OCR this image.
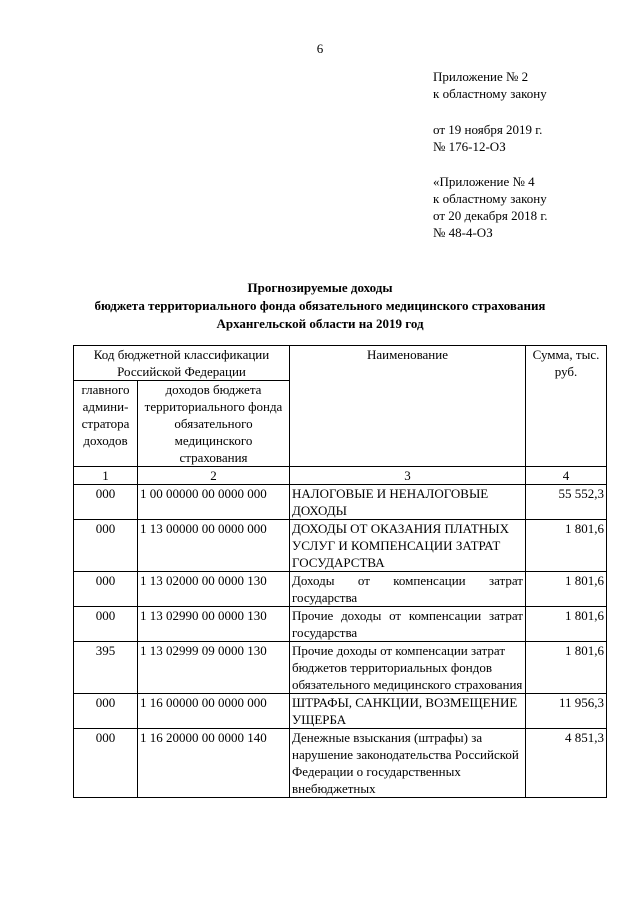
6
Приложение № 2
к областному закону
от 19 ноября 2019 г.
№ 176-12-ОЗ
«Приложение № 4
к областному закону
от 20 декабря 2018 г.
№ 48-4-ОЗ
Прогнозируемые доходы
бюджета территориального фонда обязательного медицинского страхования
Архангельской области на 2019 год
Код бюджетной классификации Российской Федерации		Наименование	Сумма, тыс. руб.
главного админи-стратора доходов	доходов бюджета территориального фонда обязательного медицинского страхования		
1	2	3	4
000	1 00 00000 00 0000 000	НАЛОГОВЫЕ И НЕНАЛОГОВЫЕ ДОХОДЫ	55 552,3
000	1 13 00000 00 0000 000	ДОХОДЫ ОТ ОКАЗАНИЯ ПЛАТНЫХ УСЛУГ И КОМПЕНСАЦИИ ЗАТРАТ ГОСУДАРСТВА	1 801,6
000	1 13 02000 00 0000 130	Доходы от компенсации затрат государства	1 801,6
000	1 13 02990 00 0000 130	Прочие доходы от компенсации затрат государства	1 801,6
395	1 13 02999 09 0000 130	Прочие доходы от компенсации затрат бюджетов территориальных фондов обязательного медицинского страхования	1 801,6
000	1 16 00000 00 0000 000	ШТРАФЫ, САНКЦИИ, ВОЗМЕЩЕНИЕ УЩЕРБА	11 956,3
000	1 16 20000 00 0000 140	Денежные взыскания (штрафы) за нарушение законодательства Российской Федерации о государственных внебюджетных	4 851,3
